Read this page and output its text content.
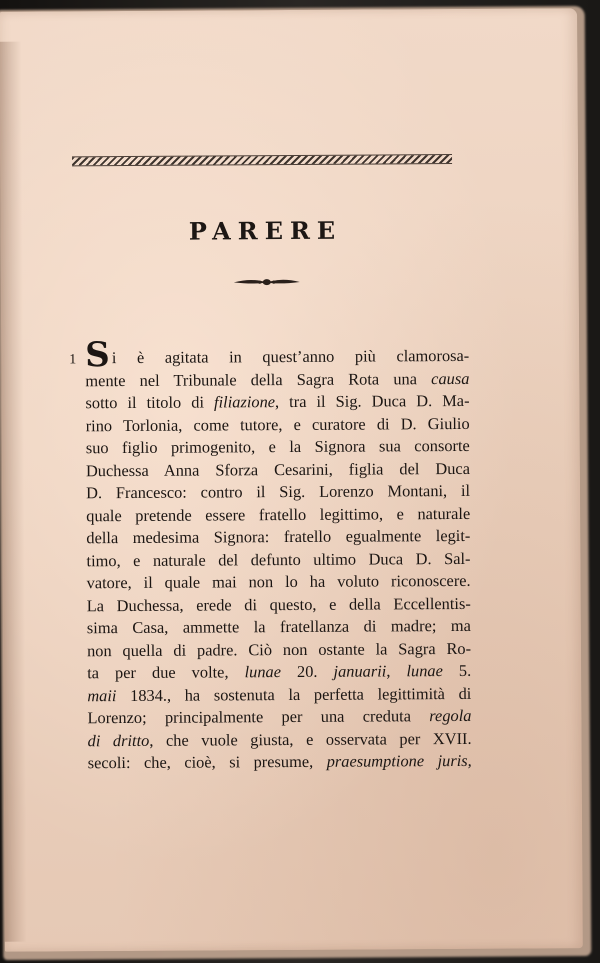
PARERE
1 S i è agitata in quest’anno più clamorosa-
mente nel Tribunale della Sagra Rota una causa
sotto il titolo di filiazione, tra il Sig. Duca D. Ma-
rino Torlonia, come tutore, e curatore di D. Giulio
suo figlio primogenito, e la Signora sua consorte
Duchessa Anna Sforza Cesarini, figlia del Duca
D. Francesco: contro il Sig. Lorenzo Montani, il
quale pretende essere fratello legittimo, e naturale
della medesima Signora: fratello egualmente legit-
timo, e naturale del defunto ultimo Duca D. Sal-
vatore, il quale mai non lo ha voluto riconoscere.
La Duchessa, erede di questo, e della Eccellentis-
sima Casa, ammette la fratellanza di madre; ma
non quella di padre. Ciò non ostante la Sagra Ro-
ta per due volte, lunae 20. januarii, lunae 5.
maii 1834., ha sostenuta la perfetta legittimità di
Lorenzo; principalmente per una creduta regola
di dritto, che vuole giusta, e osservata per XVII.
secoli: che, cioè, si presume, praesumptione juris,
